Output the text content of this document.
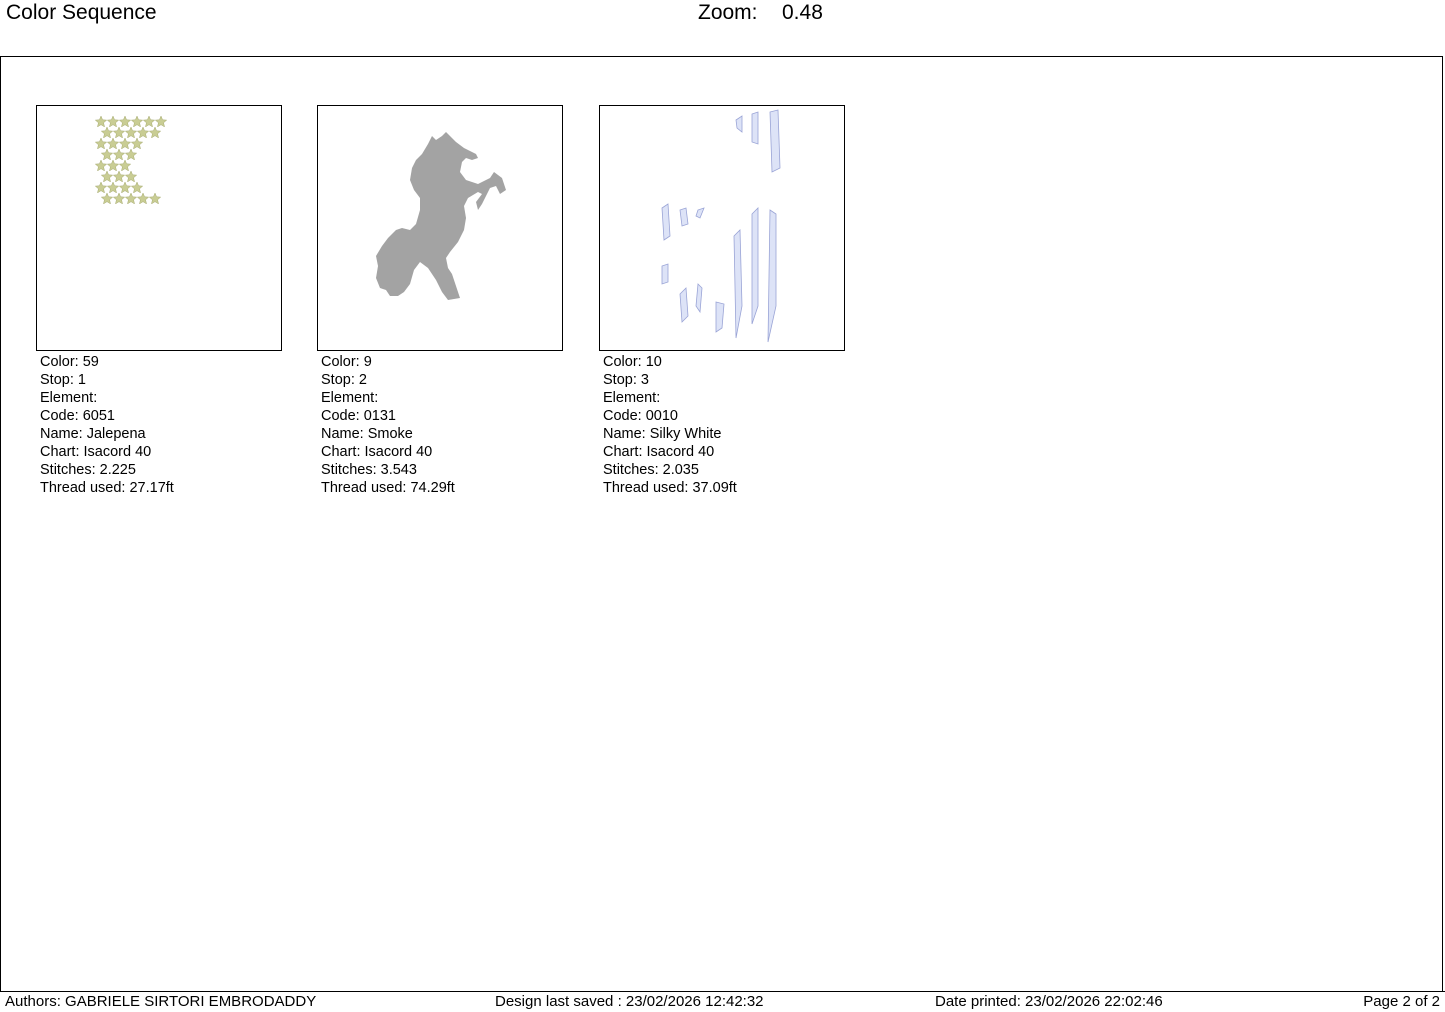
Color Sequence	Zoom: 0.48
Color: 59
Stop: 1
Element:
Code: 6051
Name: Jalepena
Chart: Isacord 40
Stitches: 2.225
Thread used: 27.17ft
Color: 9
Stop: 2
Element:
Code: 0131
Name: Smoke
Chart: Isacord 40
Stitches: 3.543
Thread used: 74.29ft
Color: 10
Stop: 3
Element:
Code: 0010
Name: Silky White
Chart: Isacord 40
Stitches: 2.035
Thread used: 37.09ft
Authors: GABRIELE SIRTORI EMBRODADDY	Design last saved : 23/02/2026 12:42:32	Date printed: 23/02/2026 22:02:46	Page 2 of 2
